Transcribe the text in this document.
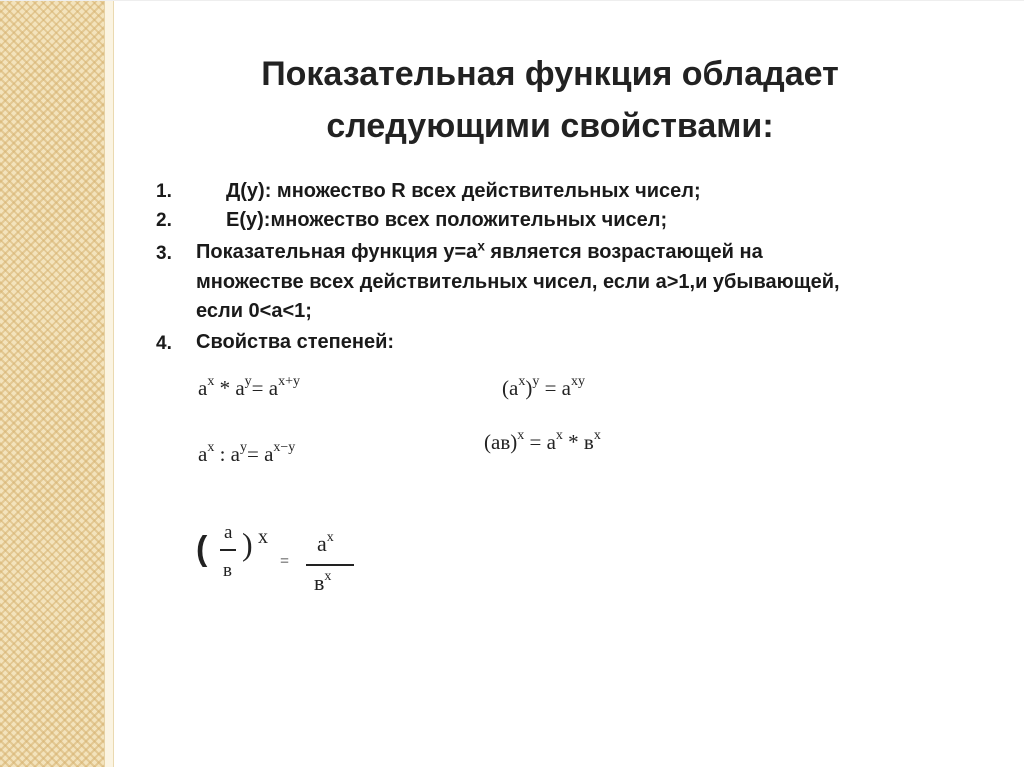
Показательная функция обладает
следующими свойствами:
1.	Д(у): множество R всех действительных чисел;
2.	Е(у):множество всех положительных чисел;
3. Показательная функция $у=а^х$ является возрастающей на
множестве всех действительных чисел, если а>1,и убывающей,
если 0<а<1;
4. Свойства степеней:
$а^x * а^y= а^{x+y}$
$а^x$ : $а^y= а^{x-y}$
$(а^x)^y = а^{xy}$
$(ав)^x = а^x * в^x$
( а
в
) x
=
$а^x$
$в^x$
